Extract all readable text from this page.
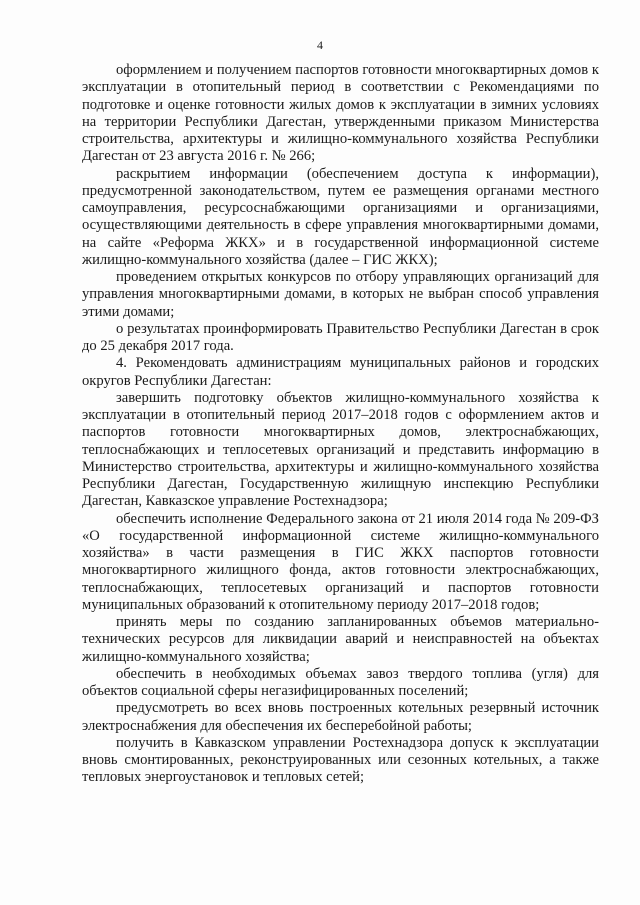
4

оформлением и получением паспортов готовности многоквартирных домов к эксплуатации в отопительный период в соответствии с Рекомендациями по подготовке и оценке готовности жилых домов к эксплуатации в зимних условиях на территории Республики Дагестан, утвержденными приказом Министерства строительства, архитектуры и жилищно-коммунального хозяйства Республики Дагестан от 23 августа 2016 г. № 266;

раскрытием информации (обеспечением доступа к информации), предусмотренной законодательством, путем ее размещения органами местного самоуправления, ресурсоснабжающими организациями и организациями, осуществляющими деятельность в сфере управления многоквартирными домами, на сайте «Реформа ЖКХ» и в государственной информационной системе жилищно-коммунального хозяйства (далее – ГИС ЖКХ);

проведением открытых конкурсов по отбору управляющих организаций для управления многоквартирными домами, в которых не выбран способ управления этими домами;

о результатах проинформировать Правительство Республики Дагестан в срок до 25 декабря 2017 года.

4. Рекомендовать администрациям муниципальных районов и городских округов Республики Дагестан:

завершить подготовку объектов жилищно-коммунального хозяйства к эксплуатации в отопительный период 2017–2018 годов с оформлением актов и паспортов готовности многоквартирных домов, электроснабжающих, теплоснабжающих и теплосетевых организаций и представить информацию в Министерство строительства, архитектуры и жилищно-коммунального хозяйства Республики Дагестан, Государственную жилищную инспекцию Республики Дагестан, Кавказское управление Ростехнадзора;

обеспечить исполнение Федерального закона от 21 июля 2014 года № 209-ФЗ «О государственной информационной системе жилищно-коммунального хозяйства» в части размещения в ГИС ЖКХ паспортов готовности многоквартирного жилищного фонда, актов готовности электроснабжающих, теплоснабжающих, теплосетевых организаций и паспортов готовности муниципальных образований к отопительному периоду 2017–2018 годов;

принять меры по созданию запланированных объемов материально-технических ресурсов для ликвидации аварий и неисправностей на объектах жилищно-коммунального хозяйства;

обеспечить в необходимых объемах завоз твердого топлива (угля) для объектов социальной сферы негазифицированных поселений;

предусмотреть во всех вновь построенных котельных резервный источник электроснабжения для обеспечения их бесперебойной работы;

получить в Кавказском управлении Ростехнадзора допуск к эксплуатации вновь смонтированных, реконструированных или сезонных котельных, а также тепловых энергоустановок и тепловых сетей;
